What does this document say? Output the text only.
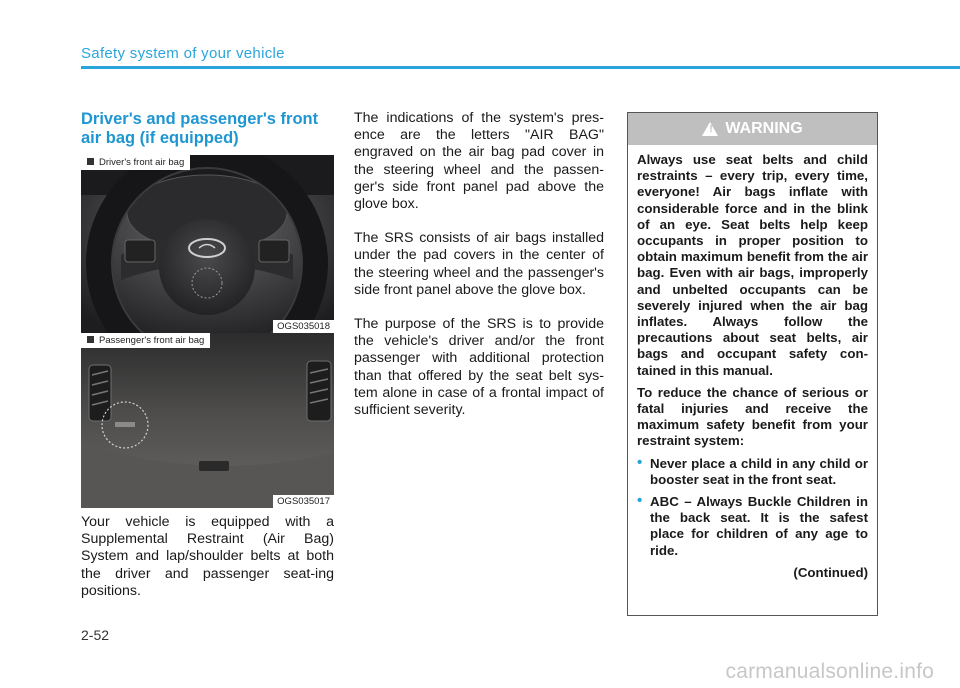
Safety system of your vehicle
Driver's and passenger's front air bag (if equipped)
Driver's front air bag
OGS035018
Passenger's front air bag
OGS035017
Your vehicle is equipped with a Supplemental Restraint (Air Bag) System and lap/shoulder belts at both the driver and passenger seat-ing positions.

The indications of the system's pres-ence are the letters "AIR BAG" engraved on the air bag pad cover in the steering wheel and the passen-ger's side front panel pad above the glove box.

The SRS consists of air bags installed under the pad covers in the center of the steering wheel and the passenger's side front panel above the glove box.

The purpose of the SRS is to provide the vehicle's driver and/or the front passenger with additional protection than that offered by the seat belt sys-tem alone in case of a frontal impact of sufficient severity.

! WARNING

Always use seat belts and child restraints – every trip, every time, everyone! Air bags inflate with considerable force and in the blink of an eye. Seat belts help keep occupants in proper position to obtain maximum benefit from the air bag. Even with air bags, improperly and unbelted occupants can be severely injured when the air bag inflates. Always follow the precautions about seat belts, air bags and occupant safety con-tained in this manual.

To reduce the chance of serious or fatal injuries and receive the maximum safety benefit from your restraint system:

• Never place a child in any child or booster seat in the front seat.
• ABC – Always Buckle Children in the back seat. It is the safest place for children of any age to ride.
(Continued)
2-52
carmanualsonline.info
